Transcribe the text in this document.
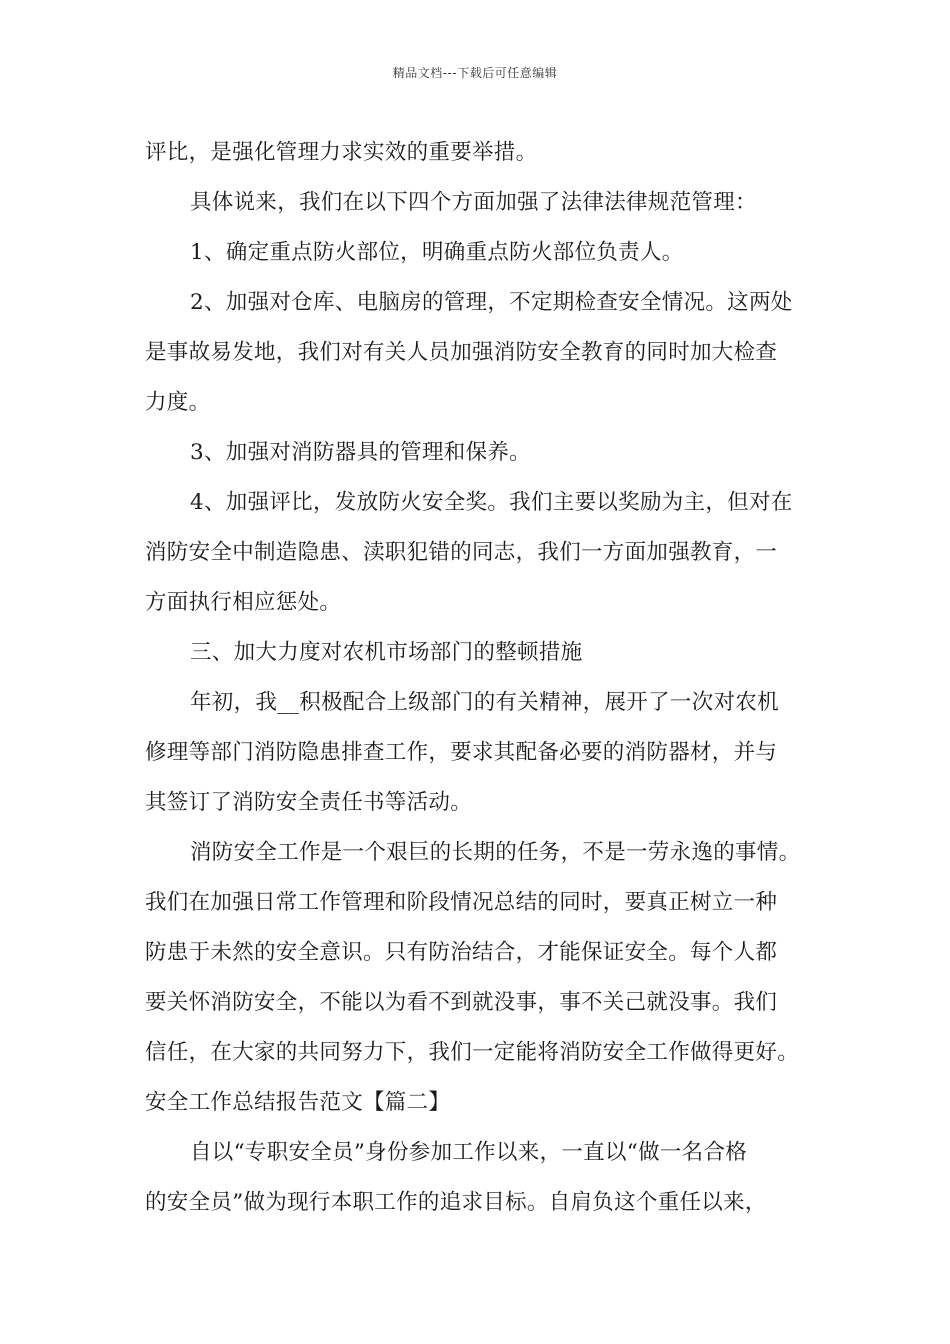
精品文档---下载后可任意编辑
评比，是强化管理力求实效的重要举措。
具体说来，我们在以下四个方面加强了法律法律规范管理：
1、确定重点防火部位，明确重点防火部位负责人。
2、加强对仓库、电脑房的管理，不定期检查安全情况。这两处
是事故易发地，我们对有关人员加强消防安全教育的同时加大检查
力度。
3、加强对消防器具的管理和保养。
4、加强评比，发放防火安全奖。我们主要以奖励为主，但对在
消防安全中制造隐患、渎职犯错的同志，我们一方面加强教育，一
方面执行相应惩处。
三、加大力度对农机市场部门的整顿措施
年初，我__积极配合上级部门的有关精神，展开了一次对农机
修理等部门消防隐患排查工作，要求其配备必要的消防器材，并与
其签订了消防安全责任书等活动。
消防安全工作是一个艰巨的长期的任务，不是一劳永逸的事情。
我们在加强日常工作管理和阶段情况总结的同时，要真正树立一种
防患于未然的安全意识。只有防治结合，才能保证安全。每个人都
要关怀消防安全，不能以为看不到就没事，事不关己就没事。我们
信任，在大家的共同努力下，我们一定能将消防安全工作做得更好。
安全工作总结报告范文【篇二】
自以“专职安全员”身份参加工作以来，一直以“做一名合格
的安全员”做为现行本职工作的追求目标。自肩负这个重任以来，
